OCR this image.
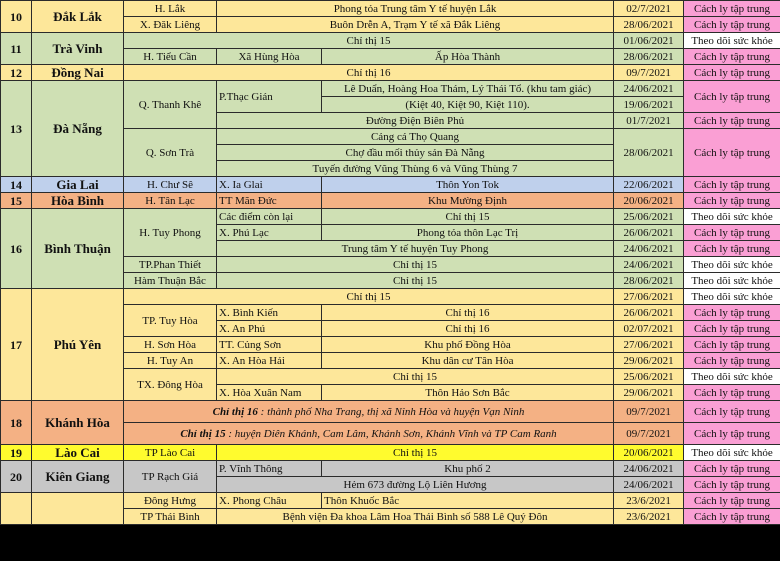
10	Đắk Lắk	H. Lắk	Phong tỏa Trung tâm Y tế huyện Lắk		02/7/2021	Cách ly tập trung
		X. Đăk Liêng	Buôn Drễn A, Trạm Y tế xã Đắk Liêng		28/06/2021	Cách ly tập trung
11	Trà Vinh	Chỉ thị 15			01/06/2021	Theo dõi sức khỏe
		H. Tiểu Cần	Xã Hùng Hòa	Ấp Hòa Thành	28/06/2021	Cách ly tập trung
12	Đồng Nai	Chỉ thị 16			09/7/2021	Cách ly tập trung
13	Đà Nẵng	Q. Thanh Khê	P.Thạc Gián	Lê Duẩn, Hoàng Hoa Thám, Lý Thái Tổ. (khu tam giác)	24/06/2021	Cách ly tập trung
				(Kiệt 40, Kiệt 90, Kiệt 110).	19/06/2021	
			Đường Điện Biên Phủ		01/7/2021	Cách ly tập trung
		Q. Sơn Trà	Cảng cá Thọ Quang		28/06/2021	Cách ly tập trung
			Chợ đầu mối thủy sản Đà Nẵng			
			Tuyến đường Vũng Thùng 6 và Vũng Thùng 7			
14	Gia Lai	H. Chư Sê	X. Ia Glai	Thôn Yon Tok	22/06/2021	Cách ly tập trung
15	Hòa Bình	H. Tân Lạc	TT Mãn Đức	Khu Mường Định	20/06/2021	Cách ly tập trung
16	Bình Thuận	H. Tuy Phong	Các điểm còn lại	Chỉ thị 15	25/06/2021	Theo dõi sức khỏe
			X. Phú Lạc	Phong tỏa thôn Lạc Trị	26/06/2021	Cách ly tập trung
			Trung tâm Y tế huyện Tuy Phong		24/06/2021	Cách ly tập trung
		TP.Phan Thiết	Chỉ thị 15		24/06/2021	Theo dõi sức khỏe
		Hàm Thuận Bắc	Chỉ thị 15		28/06/2021	Theo dõi sức khỏe
17	Phú Yên	Chỉ thị 15			27/06/2021	Theo dõi sức khỏe
		TP. Tuy Hòa	X. Bình Kiến	Chỉ thị 16	26/06/2021	Cách ly tập trung
			X. An Phú	Chỉ thị 16	02/07/2021	Cách ly tập trung
		H. Sơn Hòa	TT. Củng Sơn	Khu phố Đồng Hòa	27/06/2021	Cách ly tập trung
		H. Tuy An	X. An Hòa Hải	Khu dân cư Tân Hòa	29/06/2021	Cách ly tập trung
		TX. Đông Hòa	Chỉ thị 15		25/06/2021	Theo dõi sức khỏe
			X. Hòa Xuân Nam	Thôn Hảo Sơn Bắc	29/06/2021	Cách ly tập trung
18	Khánh Hòa	Chỉ thị 16 : thành phố Nha Trang, thị xã Ninh Hòa và huyện Vạn Ninh			09/7/2021	Cách ly tập trung
		Chỉ thị 15 : huyện Diên Khánh, Cam Lâm, Khánh Sơn, Khánh Vĩnh và TP Cam Ranh			09/7/2021	Cách ly tập trung
19	Lào Cai	TP Lào Cai	Chỉ thị 15		20/06/2021	Theo dõi sức khỏe
20	Kiên Giang	TP Rạch Giá	P. Vĩnh Thông	Khu phố 2	24/06/2021	Cách ly tập trung
			Hẻm 673 đường Lộ Liên Hương		24/06/2021	Cách ly tập trung
		Đông Hưng	X. Phong Châu	Thôn Khuốc Bắc	23/6/2021	Cách ly tập trung
		TP Thái Bình	Bệnh viện Đa khoa Lâm Hoa Thái Bình số 588 Lê Quý Đôn		23/6/2021	Cách ly tập trung
